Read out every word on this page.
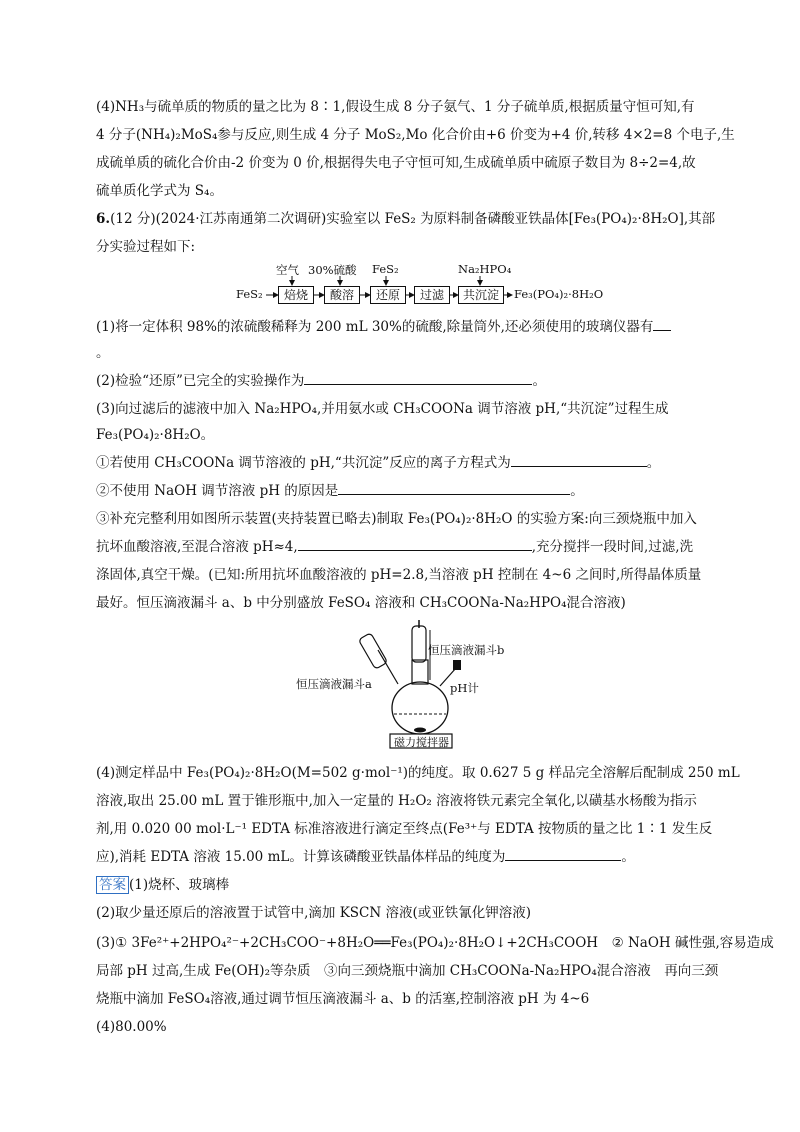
(4)NH₃与硫单质的物质的量之比为 8∶1,假设生成 8 分子氨气、1 分子硫单质,根据质量守恒可知,有
4 分子(NH₄)₂MoS₄参与反应,则生成 4 分子 MoS₂,Mo 化合价由+6 价变为+4 价,转移 4×2=8 个电子,生
成硫单质的硫化合价由-2 价变为 0 价,根据得失电子守恒可知,生成硫单质中硫原子数目为 8÷2=4,故
硫单质化学式为 S₄。
6.(12 分)(2024·江苏南通第二次调研)实验室以 FeS₂ 为原料制备磷酸亚铁晶体[Fe₃(PO₄)₂·8H₂O],其部
分实验过程如下:
FeS₂	焙烧	酸溶	还原	过滤	共沉淀	Fe₃(PO₄)₂·8H₂O
空气 30%硫酸 FeS₂	Na₂HPO₄
(1)将一定体积 98%的浓硫酸稀释为 200 mL 30%的硫酸,除量筒外,还必须使用的玻璃仪器有
。
(2)检验“还原”已完全的实验操作为	。
(3)向过滤后的滤液中加入 Na₂HPO₄,并用氨水或 CH₃COONa 调节溶液 pH,“共沉淀”过程生成
Fe₃(PO₄)₂·8H₂O。
①若使用 CH₃COONa 调节溶液的 pH,“共沉淀”反应的离子方程式为	。
②不使用 NaOH 调节溶液 pH 的原因是	。
③补充完整利用如图所示装置(夹持装置已略去)制取 Fe₃(PO₄)₂·8H₂O 的实验方案:向三颈烧瓶中加入
抗坏血酸溶液,至混合溶液 pH≈4,	,充分搅拌一段时间,过滤,洗
涤固体,真空干燥。(已知:所用抗坏血酸溶液的 pH=2.8,当溶液 pH 控制在 4~6 之间时,所得晶体质量
最好。恒压滴液漏斗 a、b 中分别盛放 FeSO₄ 溶液和 CH₃COONa-Na₂HPO₄混合溶液)
恒压滴液漏斗b
恒压滴液漏斗a	pH计
磁力搅拌器
(4)测定样品中 Fe₃(PO₄)₂·8H₂O(M=502 g·mol⁻¹)的纯度。取 0.627 5 g 样品完全溶解后配制成 250 mL
溶液,取出 25.00 mL 置于锥形瓶中,加入一定量的 H₂O₂ 溶液将铁元素完全氧化,以磺基水杨酸为指示
剂,用 0.020 00 mol·L⁻¹ EDTA 标准溶液进行滴定至终点(Fe³⁺与 EDTA 按物质的量之比 1∶1 发生反
应),消耗 EDTA 溶液 15.00 mL。计算该磷酸亚铁晶体样品的纯度为	。
答案 (1)烧杯、玻璃棒
(2)取少量还原后的溶液置于试管中,滴加 KSCN 溶液(或亚铁氰化钾溶液)
(3)① 3Fe²⁺+2HPO₄²⁻+2CH₃COO⁻+8H₂O══Fe₃(PO₄)₂·8H₂O↓+2CH₃COOH　② NaOH 碱性强,容易造成
局部 pH 过高,生成 Fe(OH)₂等杂质　③向三颈烧瓶中滴加 CH₃COONa-Na₂HPO₄混合溶液　再向三颈
烧瓶中滴加 FeSO₄溶液,通过调节恒压滴液漏斗 a、b 的活塞,控制溶液 pH 为 4~6
(4)80.00%
